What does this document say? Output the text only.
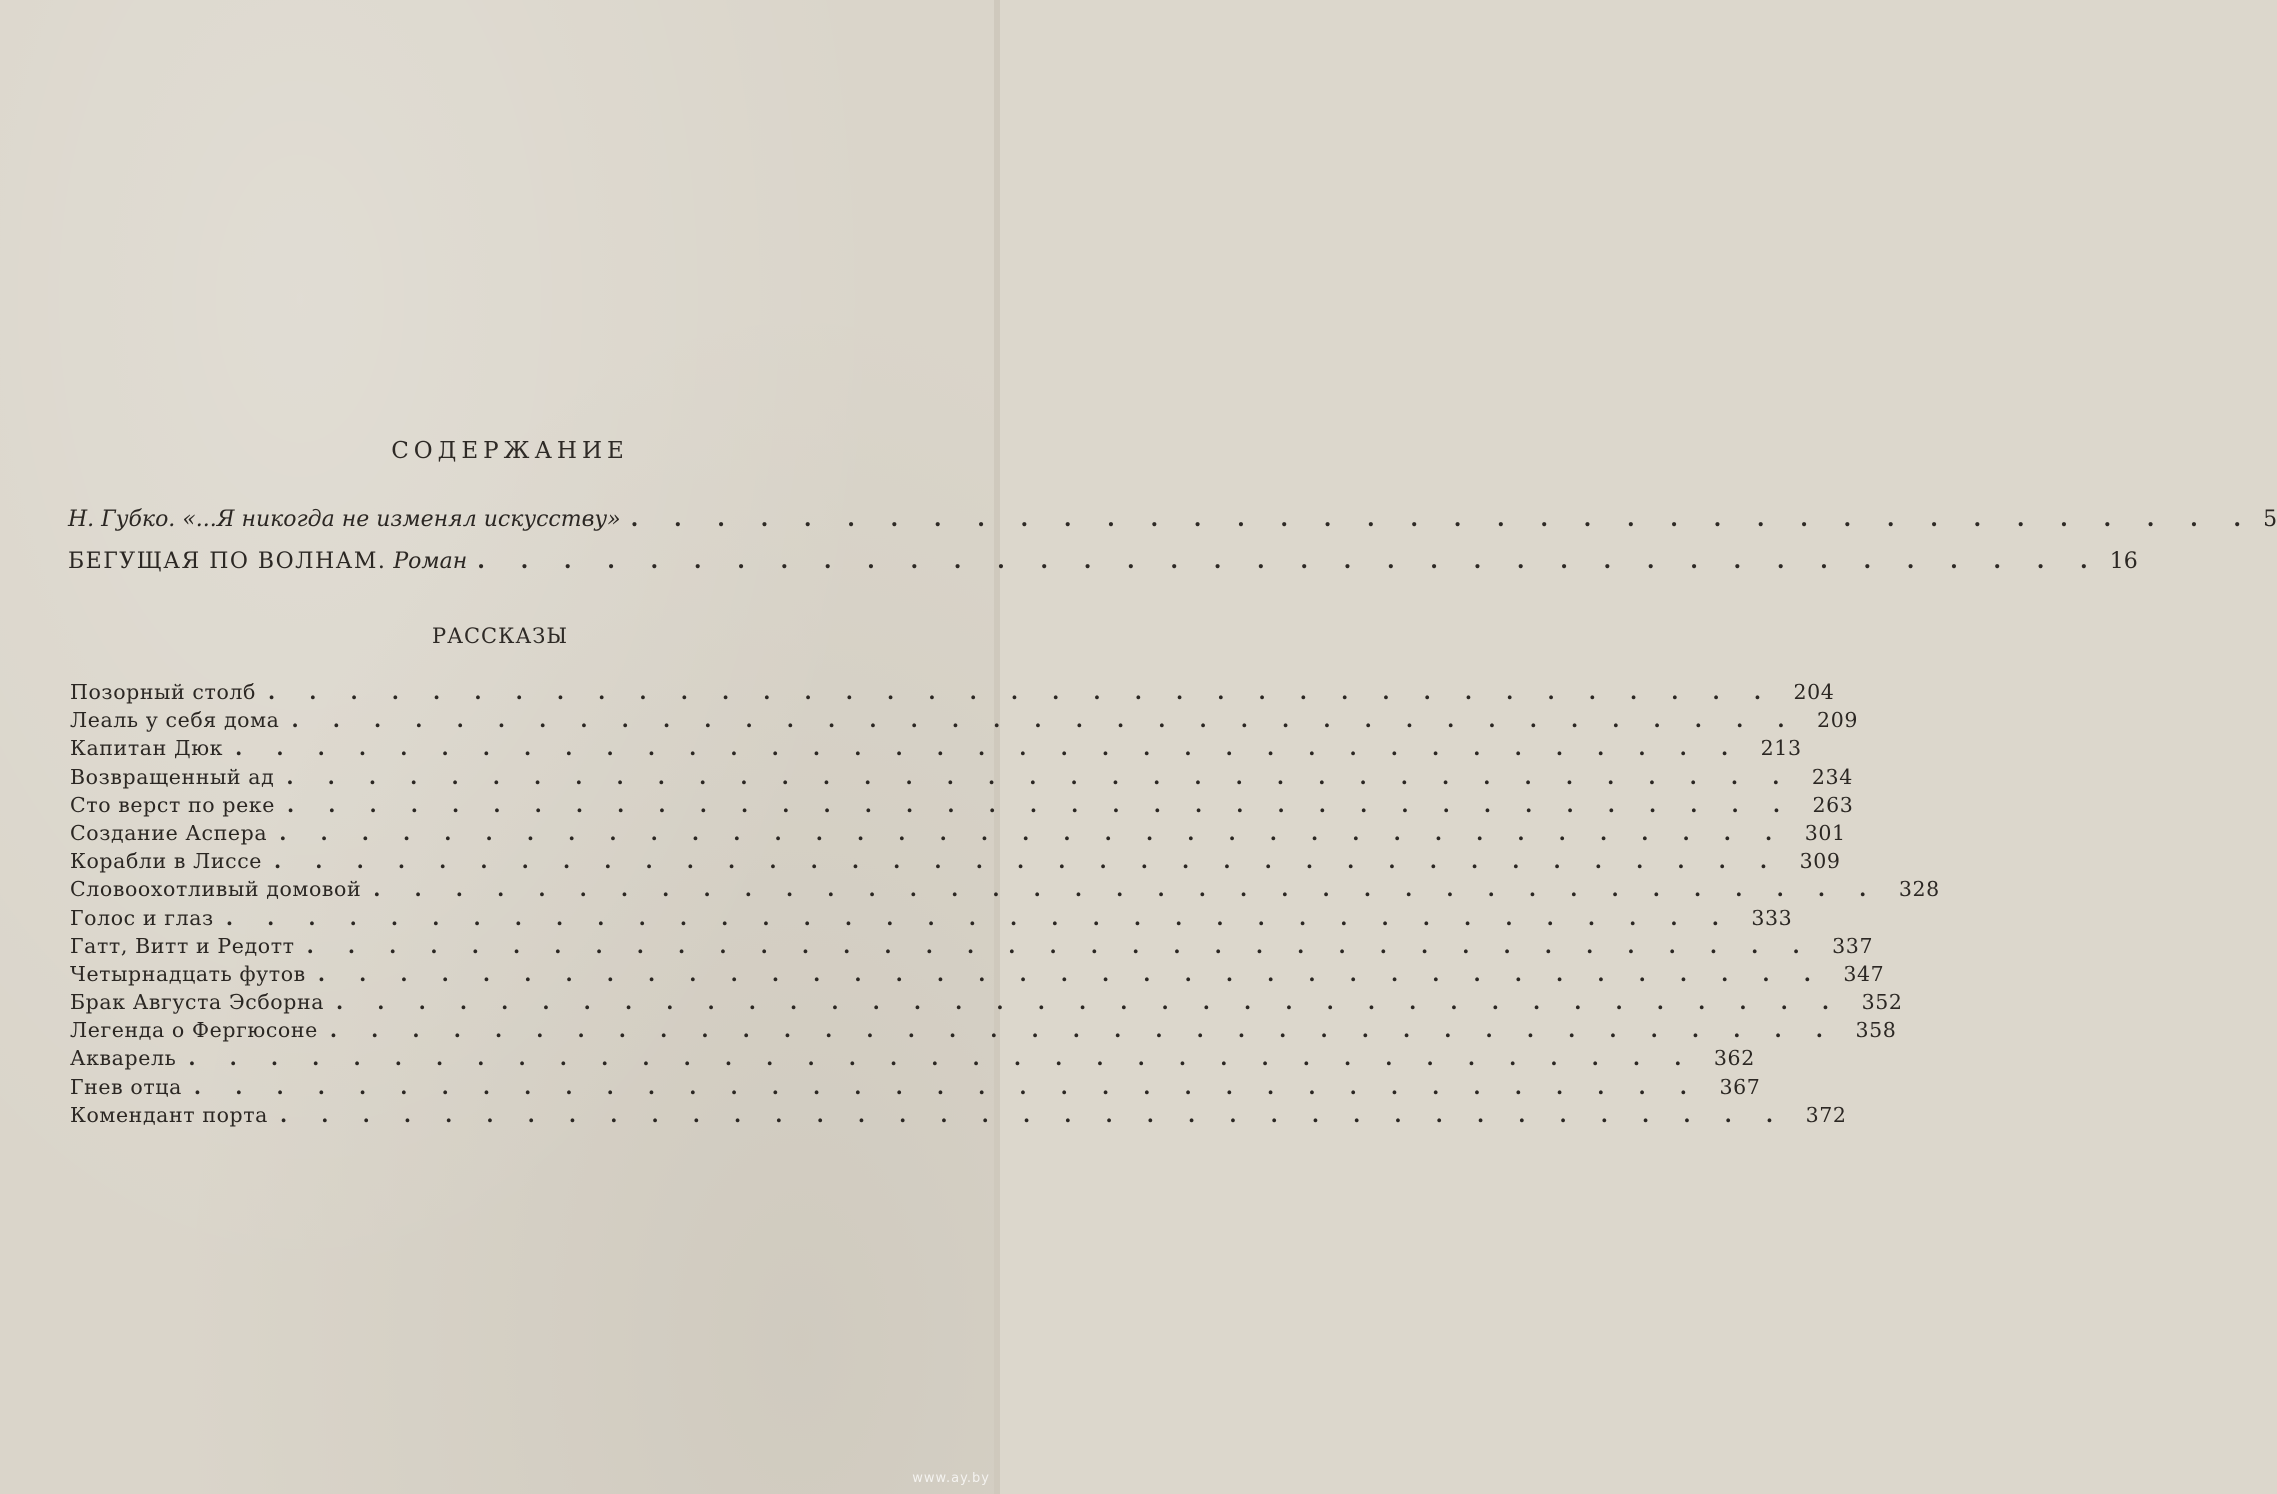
СОДЕРЖАНИЕ
Н. Губко. «...Я никогда не изменял искусству» . . . . . . . . . . . . . . . . . . . . . . . . . . . . . . . . . . . . . . 5
БЕГУЩАЯ ПО ВОЛНАМ. Роман . . . . . . . . . . . . . . . . . . . . . . . . . . . . . . . . . . . . . . 16
РАССКАЗЫ
Позорный столб . . . . . . . . . . . . . . . . . . . . . . . . . . . . . . . . . . . . . 204
Леаль у себя дома . . . . . . . . . . . . . . . . . . . . . . . . . . . . . . . . . . . . . 209
Капитан Дюк . . . . . . . . . . . . . . . . . . . . . . . . . . . . . . . . . . . . . 213
Возвращенный ад . . . . . . . . . . . . . . . . . . . . . . . . . . . . . . . . . . . . . 234
Сто верст по реке . . . . . . . . . . . . . . . . . . . . . . . . . . . . . . . . . . . . . 263
Создание Аспера . . . . . . . . . . . . . . . . . . . . . . . . . . . . . . . . . . . . . 301
Корабли в Лиссе . . . . . . . . . . . . . . . . . . . . . . . . . . . . . . . . . . . . . 309
Словоохотливый домовой . . . . . . . . . . . . . . . . . . . . . . . . . . . . . . . . . . . . . 328
Голос и глаз . . . . . . . . . . . . . . . . . . . . . . . . . . . . . . . . . . . . . 333
Гатт, Витт и Редотт . . . . . . . . . . . . . . . . . . . . . . . . . . . . . . . . . . . . . 337
Четырнадцать футов . . . . . . . . . . . . . . . . . . . . . . . . . . . . . . . . . . . . . 347
Брак Августа Эсборна . . . . . . . . . . . . . . . . . . . . . . . . . . . . . . . . . . . . . 352
Легенда о Фергюсоне . . . . . . . . . . . . . . . . . . . . . . . . . . . . . . . . . . . . . 358
Акварель . . . . . . . . . . . . . . . . . . . . . . . . . . . . . . . . . . . . . 362
Гнев отца . . . . . . . . . . . . . . . . . . . . . . . . . . . . . . . . . . . . . 367
Комендант порта . . . . . . . . . . . . . . . . . . . . . . . . . . . . . . . . . . . . . 372
www.ay.by
